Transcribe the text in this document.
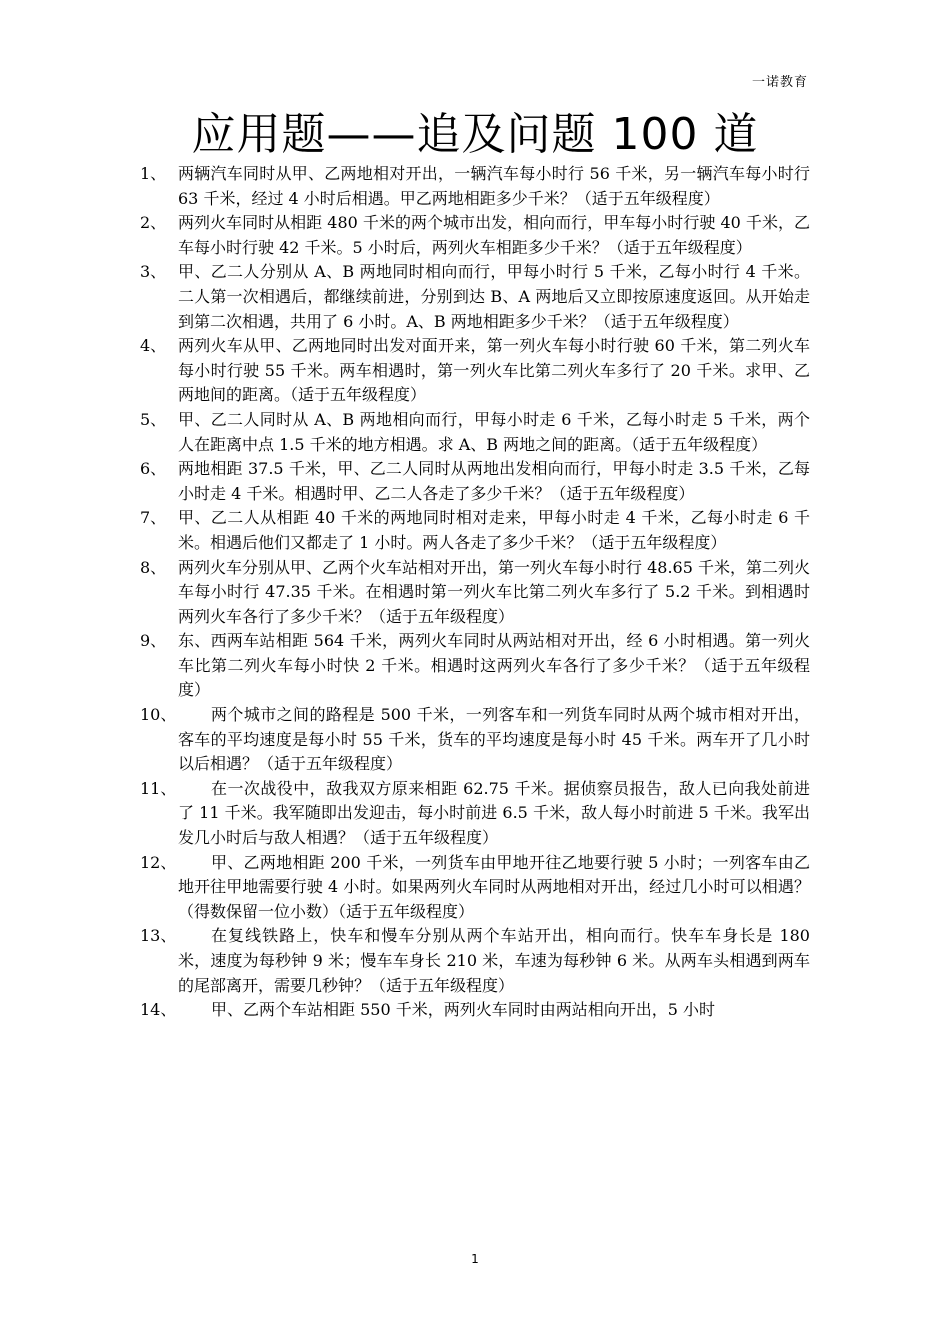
一诺教育
应用题——追及问题 100 道
1、 两辆汽车同时从甲、乙两地相对开出，一辆汽车每小时行 56 千米，另一辆汽车每小时行 63 千米，经过 4 小时后相遇。甲乙两地相距多少千米？（适于五年级程度）
2、 两列火车同时从相距 480 千米的两个城市出发，相向而行，甲车每小时行驶 40 千米，乙车每小时行驶 42 千米。5 小时后，两列火车相距多少千米？（适于五年级程度）
3、 甲、乙二人分别从 A、B 两地同时相向而行，甲每小时行 5 千米，乙每小时行 4 千米。二人第一次相遇后，都继续前进，分别到达 B、A 两地后又立即按原速度返回。从开始走到第二次相遇，共用了 6 小时。A、B 两地相距多少千米？（适于五年级程度）
4、 两列火车从甲、乙两地同时出发对面开来，第一列火车每小时行驶 60 千米，第二列火车每小时行驶 55 千米。两车相遇时，第一列火车比第二列火车多行了 20 千米。求甲、乙两地间的距离。（适于五年级程度）
5、 甲、乙二人同时从 A、B 两地相向而行，甲每小时走 6 千米，乙每小时走 5 千米，两个人在距离中点 1.5 千米的地方相遇。求 A、B 两地之间的距离。（适于五年级程度）
6、 两地相距 37.5 千米，甲、乙二人同时从两地出发相向而行，甲每小时走 3.5 千米，乙每小时走 4 千米。相遇时甲、乙二人各走了多少千米？（适于五年级程度）
7、 甲、乙二人从相距 40 千米的两地同时相对走来，甲每小时走 4 千米，乙每小时走 6 千米。相遇后他们又都走了 1 小时。两人各走了多少千米？（适于五年级程度）
8、 两列火车分别从甲、乙两个火车站相对开出，第一列火车每小时行 48.65 千米，第二列火车每小时行 47.35 千米。在相遇时第一列火车比第二列火车多行了 5.2 千米。到相遇时两列火车各行了多少千米？（适于五年级程度）
9、 东、西两车站相距 564 千米，两列火车同时从两站相对开出，经 6 小时相遇。第一列火车比第二列火车每小时快 2 千米。相遇时这两列火车各行了多少千米？（适于五年级程度）
10、	两个城市之间的路程是 500 千米，一列客车和一列货车同时从两个城市相对开出，客车的平均速度是每小时 55 千米，货车的平均速度是每小时 45 千米。两车开了几小时以后相遇？（适于五年级程度）
11、	在一次战役中，敌我双方原来相距 62.75 千米。据侦察员报告，敌人已向我处前进了 11 千米。我军随即出发迎击，每小时前进 6.5 千米，敌人每小时前进 5 千米。我军出发几小时后与敌人相遇？（适于五年级程度）
12、	甲、乙两地相距 200 千米，一列货车由甲地开往乙地要行驶 5 小时；一列客车由乙地开往甲地需要行驶 4 小时。如果两列火车同时从两地相对开出，经过几小时可以相遇？（得数保留一位小数）（适于五年级程度）
13、	在复线铁路上，快车和慢车分别从两个车站开出，相向而行。快车车身长是 180 米，速度为每秒钟 9 米；慢车车身长 210 米，车速为每秒钟 6 米。从两车头相遇到两车的尾部离开，需要几秒钟？（适于五年级程度）
14、	甲、乙两个车站相距 550 千米，两列火车同时由两站相向开出，5 小时
1
